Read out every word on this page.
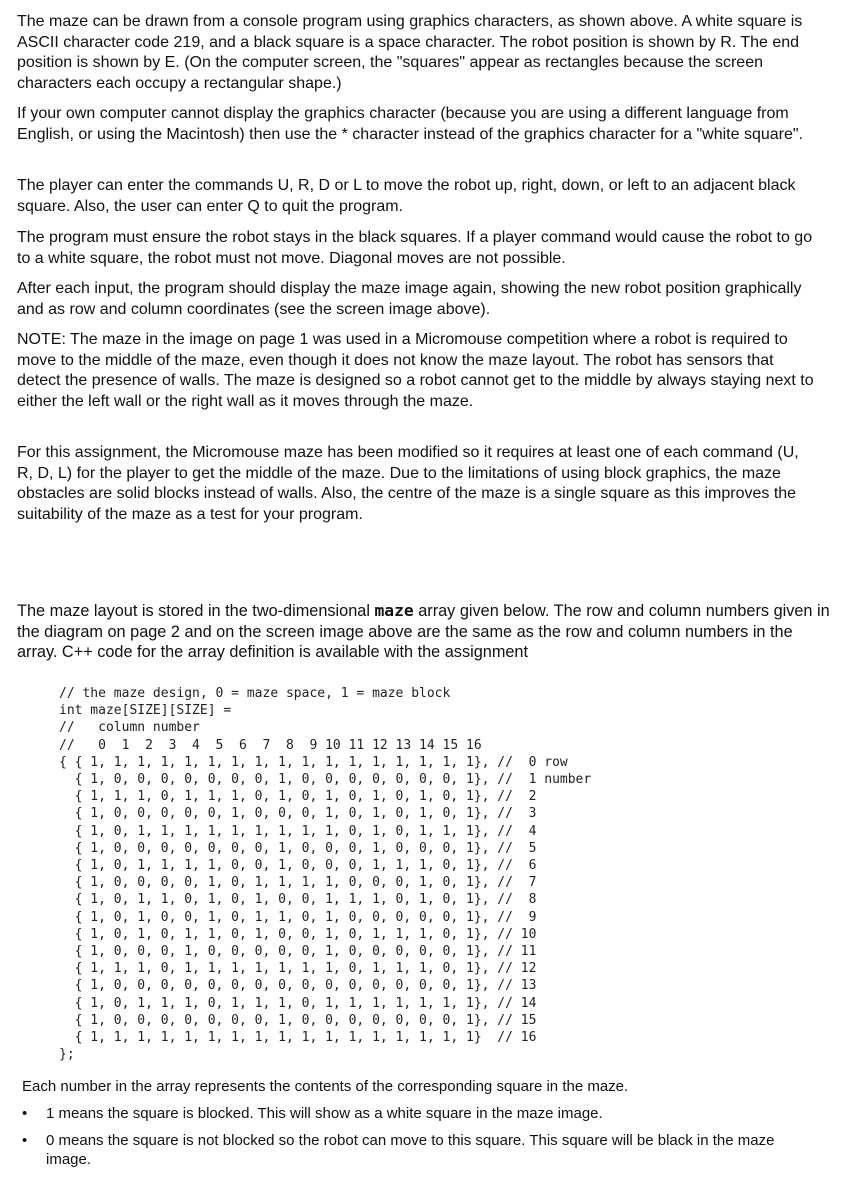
The maze can be drawn from a console program using graphics characters, as shown above. A white square is ASCII character code 219, and a black square is a space character. The robot position is shown by R. The end position is shown by E. (On the computer screen, the "squares" appear as rectangles because the screen characters each occupy a rectangular shape.)

If your own computer cannot display the graphics character (because you are using a different language from English, or using the Macintosh) then use the * character instead of the graphics character for a "white square".

The player can enter the commands U, R, D or L to move the robot up, right, down, or left to an adjacent black square. Also, the user can enter Q to quit the program.

The program must ensure the robot stays in the black squares. If a player command would cause the robot to go to a white square, the robot must not move. Diagonal moves are not possible.

After each input, the program should display the maze image again, showing the new robot position graphically and as row and column coordinates (see the screen image above).

NOTE: The maze in the image on page 1 was used in a Micromouse competition where a robot is required to move to the middle of the maze, even though it does not know the maze layout. The robot has sensors that detect the presence of walls. The maze is designed so a robot cannot get to the middle by always staying next to either the left wall or the right wall as it moves through the maze.

For this assignment, the Micromouse maze has been modified so it requires at least one of each command (U, R, D, L) for the player to get the middle of the maze. Due to the limitations of using block graphics, the maze obstacles are solid blocks instead of walls. Also, the centre of the maze is a single square as this improves the suitability of the maze as a test for your program.

The maze layout is stored in the two-dimensional maze array given below. The row and column numbers given in the diagram on page 2 and on the screen image above are the same as the row and column numbers in the array. C++ code for the array definition is available with the assignment

// the maze design, 0 = maze space, 1 = maze block
int maze[SIZE][SIZE] =
//   column number
//   0  1  2  3  4  5  6  7  8  9 10 11 12 13 14 15 16
{ { 1, 1, 1, 1, 1, 1, 1, 1, 1, 1, 1, 1, 1, 1, 1, 1, 1}, //  0 row
{ 1, 0, 0, 0, 0, 0, 0, 0, 1, 0, 0, 0, 0, 0, 0, 0, 1}, //  1 number
{ 1, 1, 1, 0, 1, 1, 1, 0, 1, 0, 1, 0, 1, 0, 1, 0, 1}, //  2
{ 1, 0, 0, 0, 0, 0, 1, 0, 0, 0, 1, 0, 1, 0, 1, 0, 1}, //  3
{ 1, 0, 1, 1, 1, 1, 1, 1, 1, 1, 1, 0, 1, 0, 1, 1, 1}, //  4
{ 1, 0, 0, 0, 0, 0, 0, 0, 1, 0, 0, 0, 1, 0, 0, 0, 1}, //  5
{ 1, 0, 1, 1, 1, 1, 0, 0, 1, 0, 0, 0, 1, 1, 1, 0, 1}, //  6
{ 1, 0, 0, 0, 0, 1, 0, 1, 1, 1, 1, 0, 0, 0, 1, 0, 1}, //  7
{ 1, 0, 1, 1, 0, 1, 0, 1, 0, 0, 1, 1, 1, 0, 1, 0, 1}, //  8
{ 1, 0, 1, 0, 0, 1, 0, 1, 1, 0, 1, 0, 0, 0, 0, 0, 1}, //  9
{ 1, 0, 1, 0, 1, 1, 0, 1, 0, 0, 1, 0, 1, 1, 1, 0, 1}, // 10
{ 1, 0, 0, 0, 1, 0, 0, 0, 0, 0, 1, 0, 0, 0, 0, 0, 1}, // 11
{ 1, 1, 1, 0, 1, 1, 1, 1, 1, 1, 1, 0, 1, 1, 1, 0, 1}, // 12
{ 1, 0, 0, 0, 0, 0, 0, 0, 0, 0, 0, 0, 0, 0, 0, 0, 1}, // 13
{ 1, 0, 1, 1, 1, 0, 1, 1, 1, 0, 1, 1, 1, 1, 1, 1, 1}, // 14
{ 1, 0, 0, 0, 0, 0, 0, 0, 1, 0, 0, 0, 0, 0, 0, 0, 1}, // 15
{ 1, 1, 1, 1, 1, 1, 1, 1, 1, 1, 1, 1, 1, 1, 1, 1, 1}  // 16
};

Each number in the array represents the contents of the corresponding square in the maze.

• 1 means the square is blocked. This will show as a white square in the maze image.
• 0 means the square is not blocked so the robot can move to this square. This square will be black in the maze image.
